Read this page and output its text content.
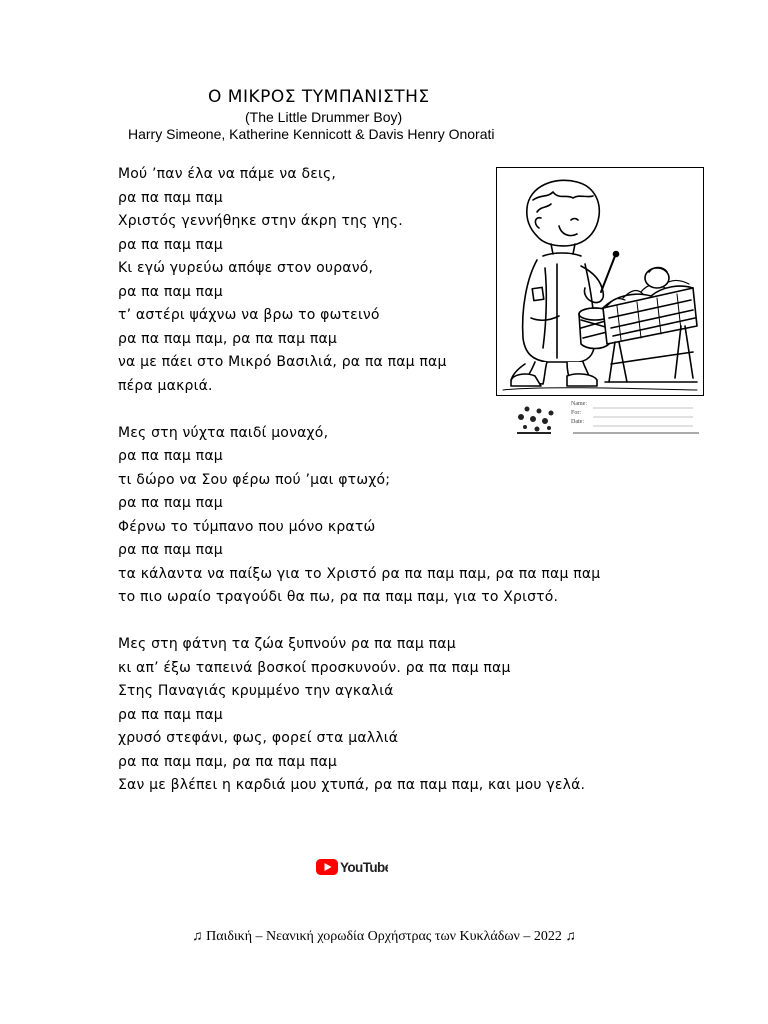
Ο ΜΙΚΡΟΣ ΤΥΜΠΑΝΙΣΤΗΣ
(The Little Drummer Boy)
Harry Simeone, Katherine Kennicott & Davis Henry Onorati
Μού ’παν έλα να πάμε να δεις,
ρα πα παμ παμ
Χριστός γεννήθηκε στην άκρη της γης.
ρα πα παμ παμ
Κι εγώ γυρεύω απόψε στον ουρανό,
ρα πα παμ παμ
τ’ αστέρι ψάχνω να βρω το φωτεινό
ρα πα παμ παμ, ρα πα παμ παμ
να με πάει στο Μικρό Βασιλιά, ρα πα παμ παμ
πέρα μακριά.
Μες στη νύχτα παιδί μοναχό,
ρα πα παμ παμ
τι δώρο να Σου φέρω πού ’μαι φτωχό;
ρα πα παμ παμ
Φέρνω το τύμπανο που μόνο κρατώ
ρα πα παμ παμ
τα κάλαντα να παίξω για το Χριστό ρα πα παμ παμ, ρα πα παμ παμ
το πιο ωραίο τραγούδι θα πω, ρα πα παμ παμ, για το Χριστό.
Μες στη φάτνη τα ζώα ξυπνούν ρα πα παμ παμ
κι απ’ έξω ταπεινά βοσκοί προσκυνούν. ρα πα παμ παμ
Στης Παναγιάς κρυμμένο την αγκαλιά
ρα πα παμ παμ
χρυσό στεφάνι, φως, φορεί στα μαλλιά
ρα πα παμ παμ, ρα πα παμ παμ
Σαν με βλέπει η καρδιά μου χτυπά, ρα πα παμ παμ, και μου γελά.
Name:
For:
Date:
YouTube
♫ Παιδική – Νεανική χορωδία Ορχήστρας των Κυκλάδων – 2022 ♫
